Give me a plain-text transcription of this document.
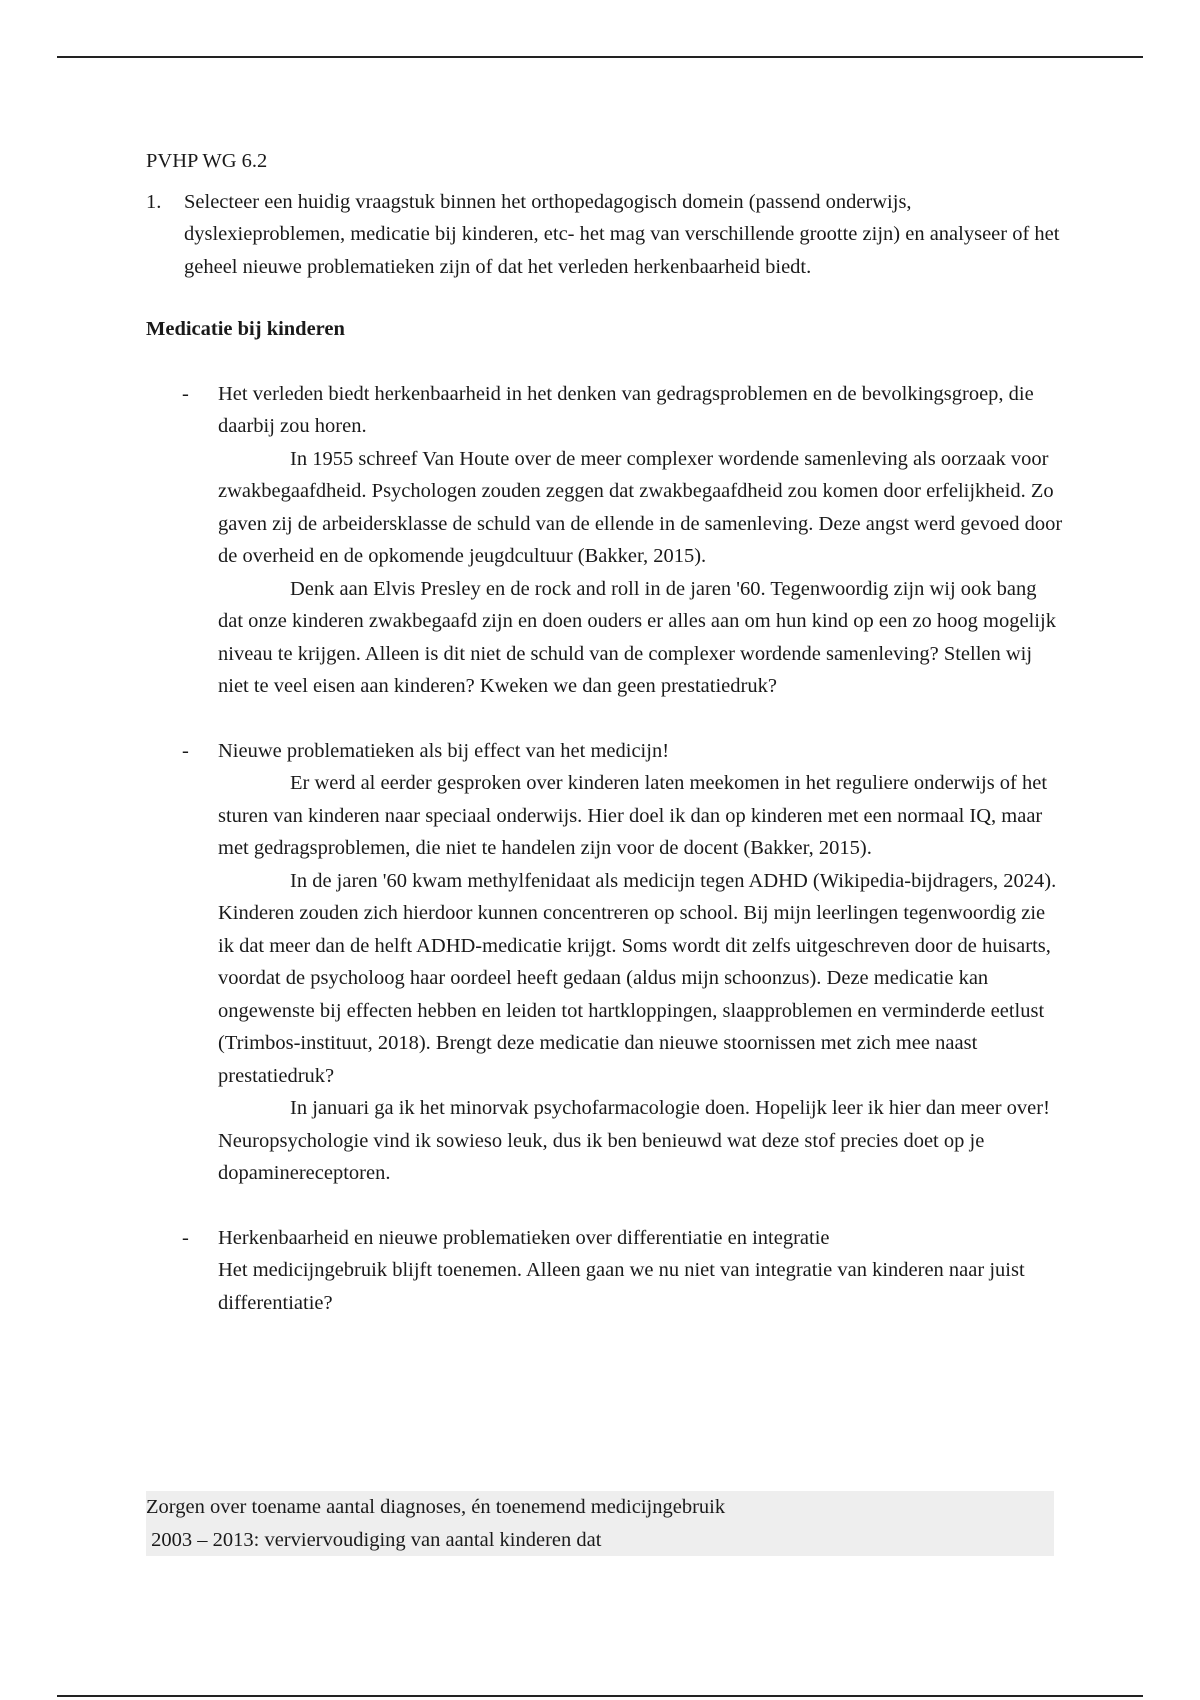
PVHP WG 6.2

1.	Selecteer een huidig vraagstuk binnen het orthopedagogisch domein (passend onderwijs, dyslexieproblemen, medicatie bij kinderen, etc- het mag van verschillende grootte zijn) en analyseer of het geheel nieuwe problematieken zijn of dat het verleden herkenbaarheid biedt.

Medicatie bij kinderen

-	Het verleden biedt herkenbaarheid in het denken van gedragsproblemen en de bevolkingsgroep, die daarbij zou horen.

In 1955 schreef Van Houte over de meer complexer wordende samenleving als oorzaak voor zwakbegaafdheid. Psychologen zouden zeggen dat zwakbegaafdheid zou komen door erfelijkheid. Zo gaven zij de arbeidersklasse de schuld van de ellende in de samenleving. Deze angst werd gevoed door de overheid en de opkomende jeugdcultuur (Bakker, 2015).

Denk aan Elvis Presley en de rock and roll in de jaren '60. Tegenwoordig zijn wij ook bang dat onze kinderen zwakbegaafd zijn en doen ouders er alles aan om hun kind op een zo hoog mogelijk niveau te krijgen. Alleen is dit niet de schuld van de complexer wordende samenleving? Stellen wij niet te veel eisen aan kinderen? Kweken we dan geen prestatiedruk?

-	Nieuwe problematieken als bij effect van het medicijn!

Er werd al eerder gesproken over kinderen laten meekomen in het reguliere onderwijs of het sturen van kinderen naar speciaal onderwijs. Hier doel ik dan op kinderen met een normaal IQ, maar met gedragsproblemen, die niet te handelen zijn voor de docent (Bakker, 2015).

In de jaren '60 kwam methylfenidaat als medicijn tegen ADHD (Wikipedia-bijdragers, 2024). Kinderen zouden zich hierdoor kunnen concentreren op school. Bij mijn leerlingen tegenwoordig zie ik dat meer dan de helft ADHD-medicatie krijgt. Soms wordt dit zelfs uitgeschreven door de huisarts, voordat de psycholoog haar oordeel heeft gedaan (aldus mijn schoonzus). Deze medicatie kan ongewenste bij effecten hebben en leiden tot hartkloppingen, slaapproblemen en verminderde eetlust (Trimbos-instituut, 2018). Brengt deze medicatie dan nieuwe stoornissen met zich mee naast prestatiedruk?

In januari ga ik het minorvak psychofarmacologie doen. Hopelijk leer ik hier dan meer over! Neuropsychologie vind ik sowieso leuk, dus ik ben benieuwd wat deze stof precies doet op je dopaminereceptoren.

-	Herkenbaarheid en nieuwe problematieken over differentiatie en integratie

Het medicijngebruik blijft toenemen. Alleen gaan we nu niet van integratie van kinderen naar juist differentiatie?

Zorgen over toename aantal diagnoses, én toenemend medicijngebruik

2003 – 2013: verviervoudiging van aantal kinderen dat
